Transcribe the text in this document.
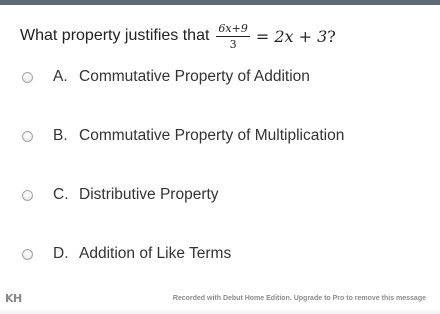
What property justifies that $\frac{6x+9}{3} = 2x + 3$ ?
A. Commutative Property of Addition
B. Commutative Property of Multiplication
C. Distributive Property
D. Addition of Like Terms
KH	Recorded with Debut Home Edition. Upgrade to Pro to remove this message
